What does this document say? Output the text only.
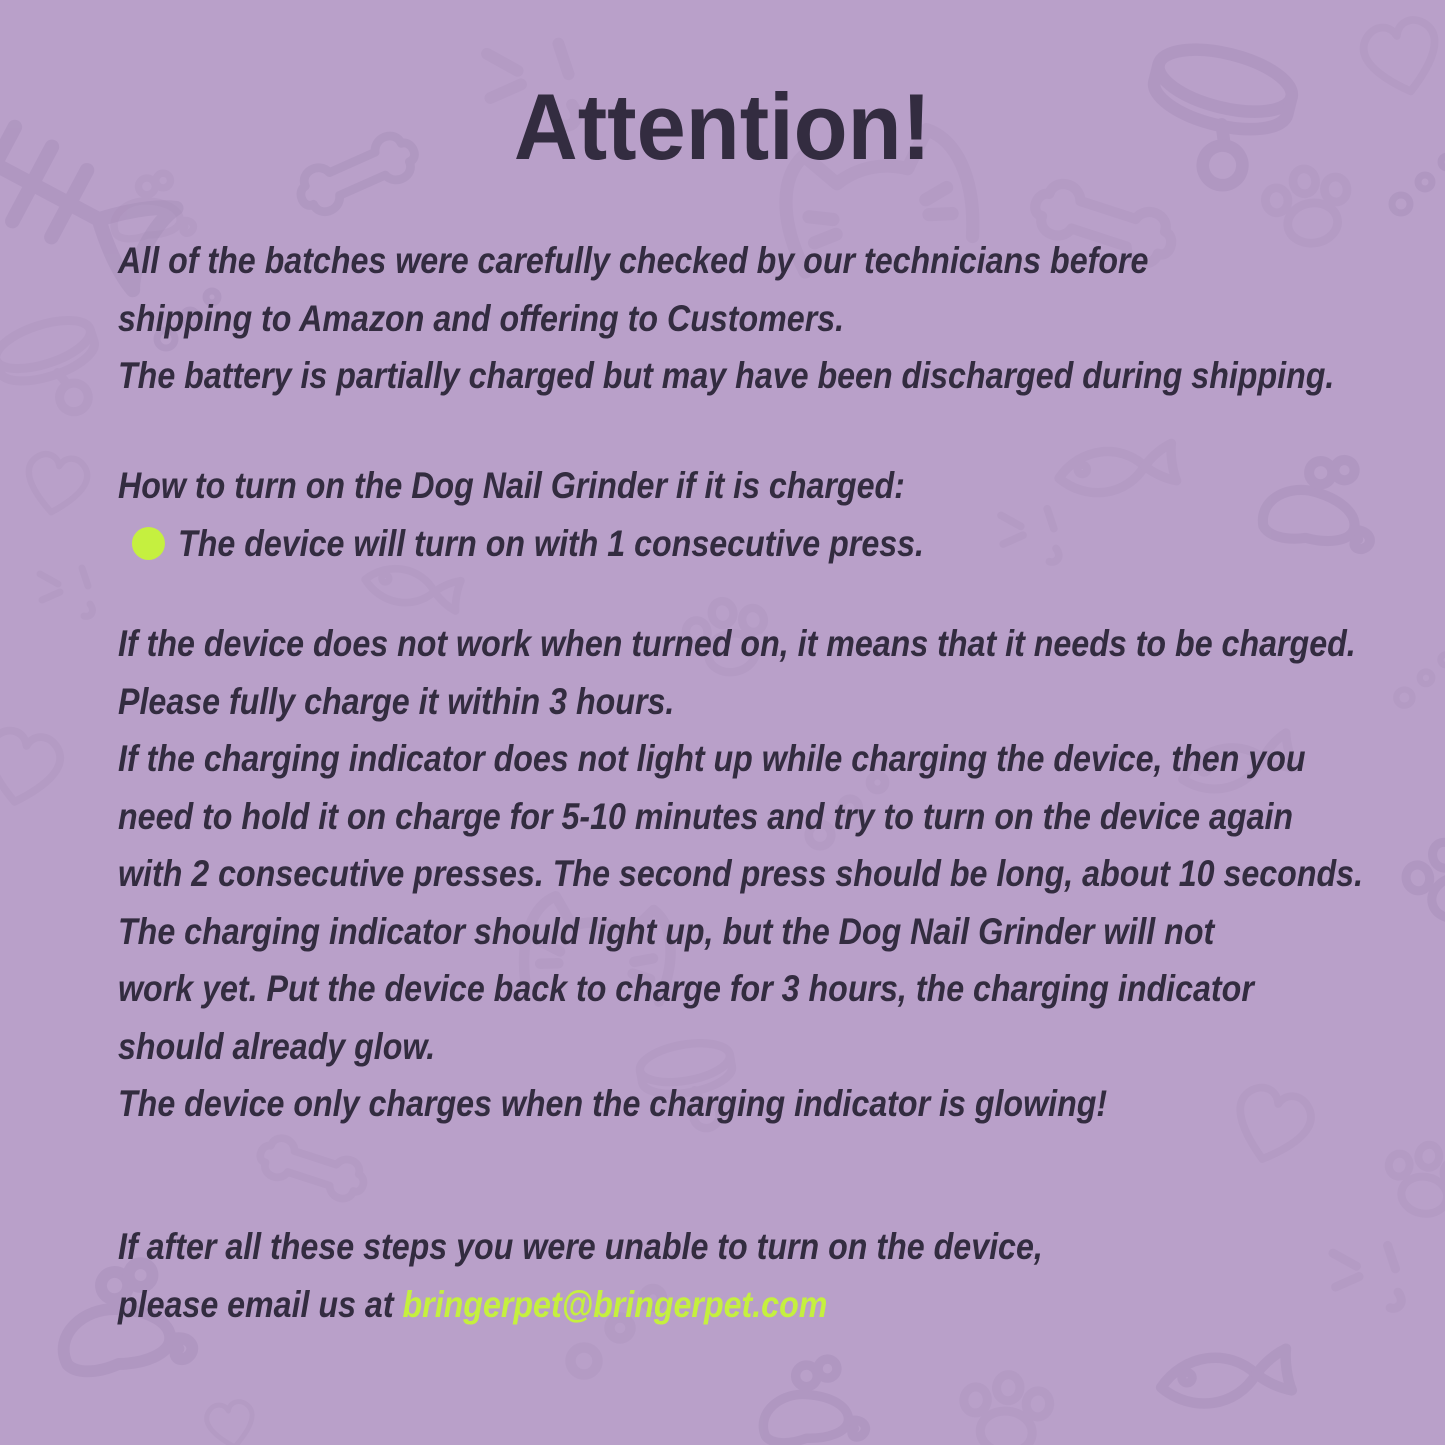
Attention!
All of the batches were carefully checked by our technicians before
shipping to Amazon and offering to Customers.
The battery is partially charged but may have been discharged during shipping.
How to turn on the Dog Nail Grinder if it is charged:
The device will turn on with 1 consecutive press.
If the device does not work when turned on, it means that it needs to be charged.
Please fully charge it within 3 hours.
If the charging indicator does not light up while charging the device, then you
need to hold it on charge for 5-10 minutes and try to turn on the device again
with 2 consecutive presses. The second press should be long, about 10 seconds.
The charging indicator should light up, but the Dog Nail Grinder will not
work yet. Put the device back to charge for 3 hours, the charging indicator
should already glow.
The device only charges when the charging indicator is glowing!
If after all these steps you were unable to turn on the device,
please email us at bringerpet@bringerpet.com
